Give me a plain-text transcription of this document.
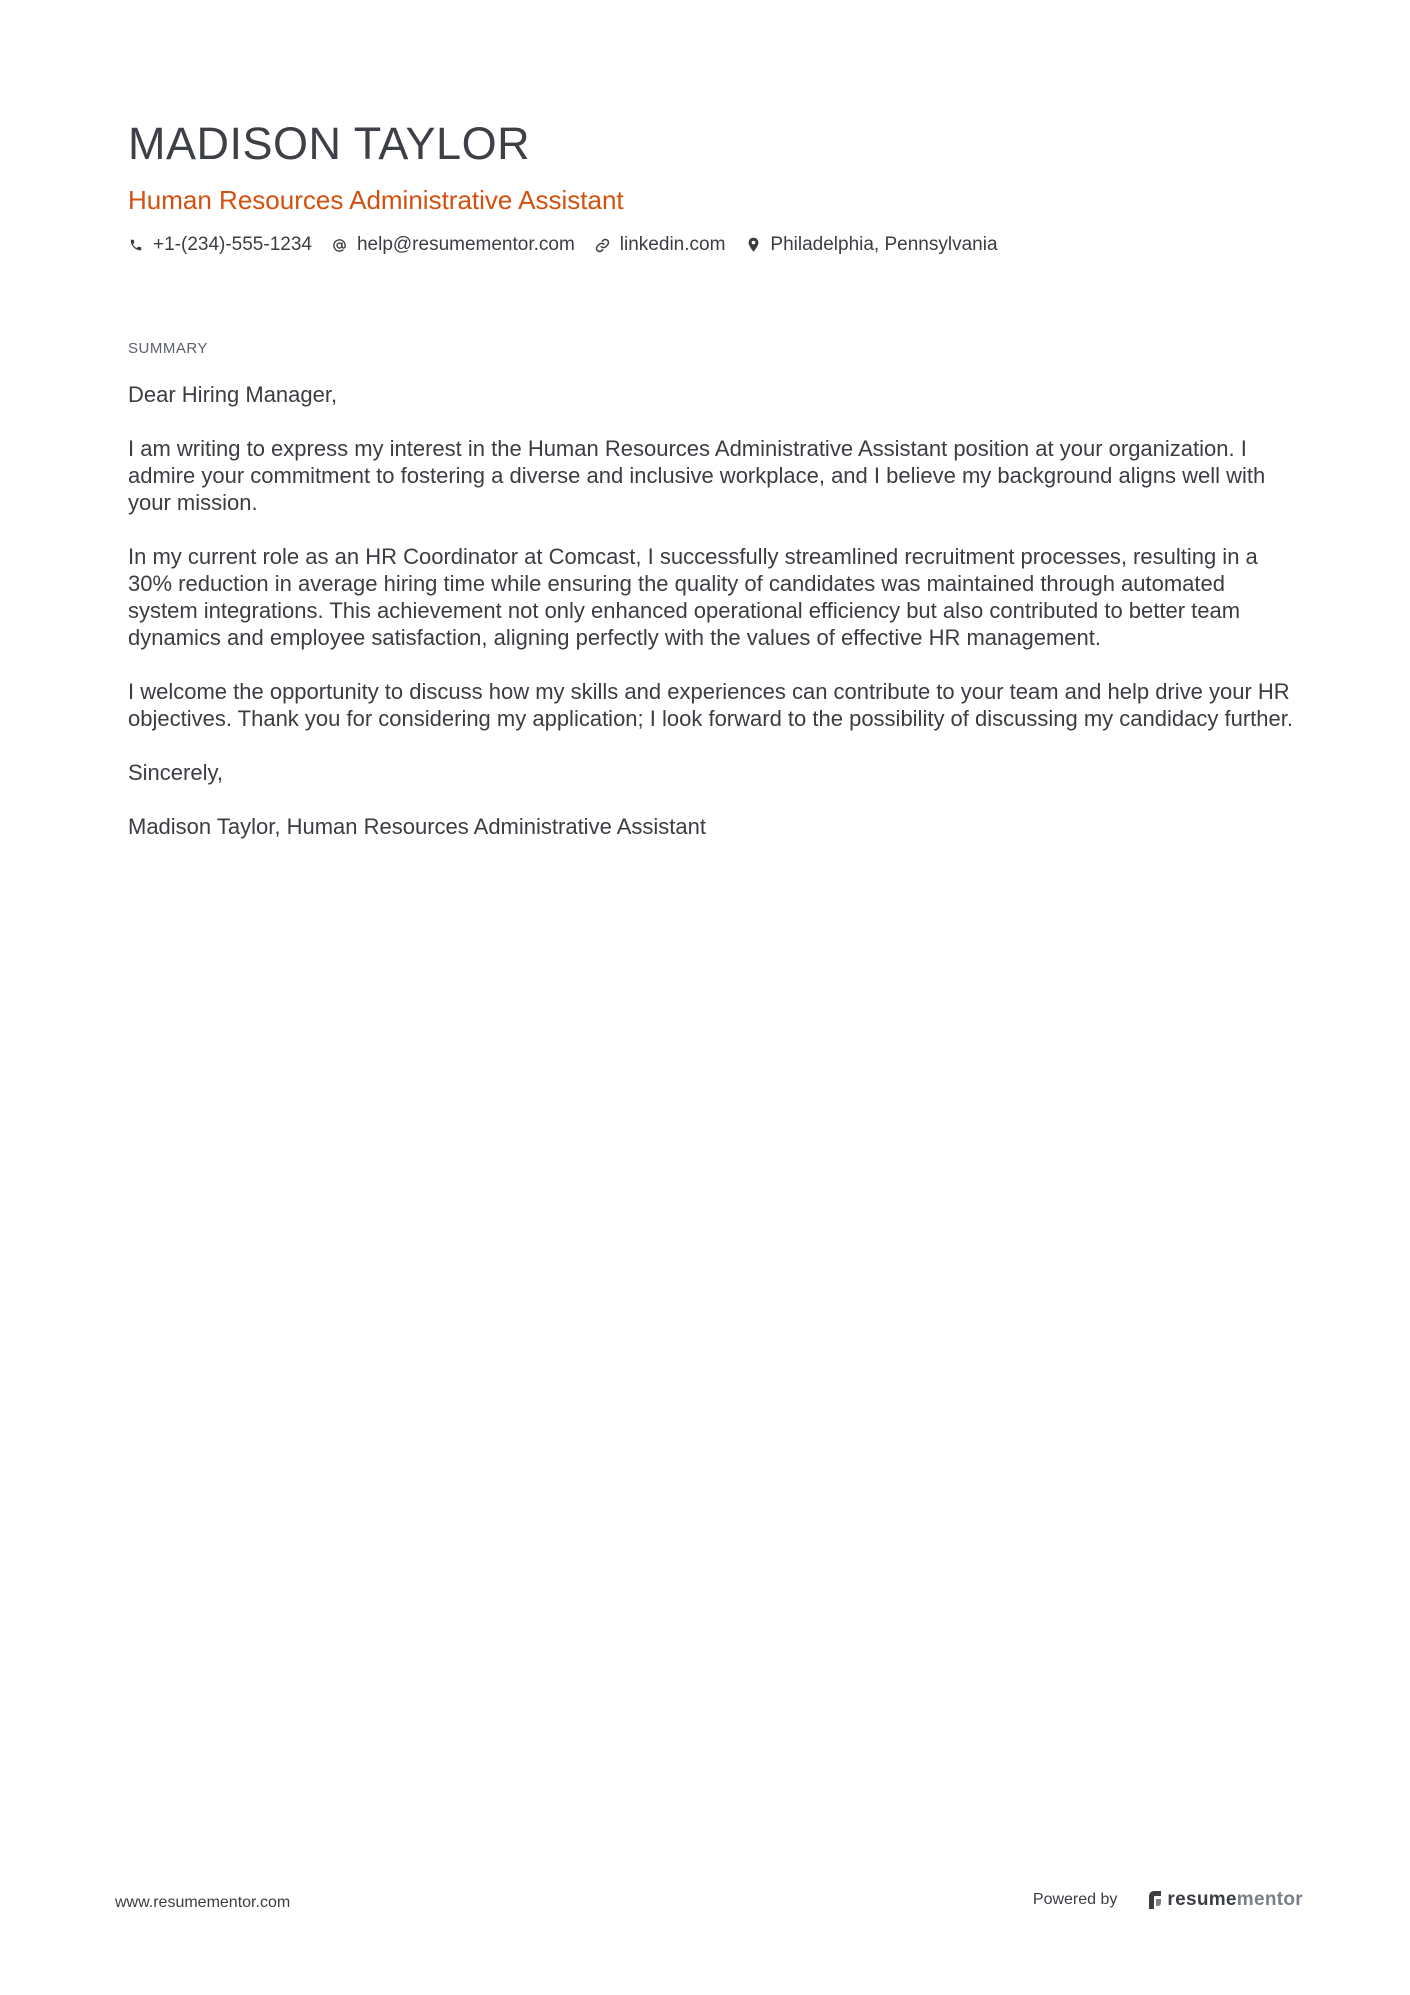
MADISON TAYLOR
Human Resources Administrative Assistant
+1-(234)-555-1234 help@resumementor.com linkedin.com Philadelphia, Pennsylvania
SUMMARY

Dear Hiring Manager,

I am writing to express my interest in the Human Resources Administrative Assistant position at your organization. I admire your commitment to fostering a diverse and inclusive workplace, and I believe my background aligns well with your mission.

In my current role as an HR Coordinator at Comcast, I successfully streamlined recruitment processes, resulting in a 30% reduction in average hiring time while ensuring the quality of candidates was maintained through automated system integrations. This achievement not only enhanced operational efficiency but also contributed to better team dynamics and employee satisfaction, aligning perfectly with the values of effective HR management.

I welcome the opportunity to discuss how my skills and experiences can contribute to your team and help drive your HR objectives. Thank you for considering my application; I look forward to the possibility of discussing my candidacy further.

Sincerely,

Madison Taylor, Human Resources Administrative Assistant

www.resumementor.com	Powered by	resume mentor
